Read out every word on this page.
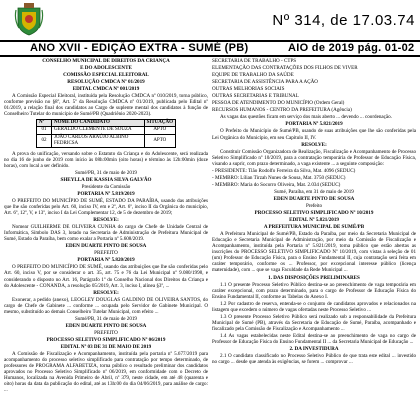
Nº 314, de 17.03.74
ANO XVII - EDIÇÃO EXTRA - SUMÉ (PB)	AIO de 2019 pág. 01-02

CONSELHO MUNICIPAL DE DIREITOS DA CRIANÇA

E DO ADOLESCENTE

COMISSÃO ESPECIAL ELEITORAL

RESOLUÇÃO CMDCA Nº 01/2019

EDITAL CMDCA Nº 001/2019

A Comissão Especial Eleitoral, instituída pela Resolução CMDCA nº 010/2019, torna público, conforme previsão no §8º, Art. 5º da Resolução CMDCA nº 01/2019, publicada pelo Edital nº 01/2019, a relação final dos candidatos ao Cargo de suplente mental dos candidatos à função de Conselheiro Tutelar do município de Sumé/PB (Quadriênio 2020-2023).

Nº	NOME DO CANDIDATO	SITUAÇÃO
01	GERALDO CLEMENTE DE SOUZA	APTO
02	JOÃO CARLOS ARAÚJO ALBINO FEDRICSA	APTO

A prova do unificação, versando sobre o Estatuto da Criança e do Adolescente, será realizada no dia 16 de junho de 2019 com início às 08h:00min (oito horas) e término às 12h:00min (doze horas), com local a ser definido.

Sumé/PB, 31 de maio de 2019

SHEYLLA DE KASSIA SILVA GALVÃO

Presidente da Comissão

PORTARIA Nº 5.819/2019

O PREFEITO DO MUNICÍPIO DE SUMÉ, ESTADO DA PARAÍBA, usando das atribuições que lhe são conferidas pelo Art. 60, inciso IV, em e 2º, Art. 6º, inciso II da Orgânica do município, Art. 6º, 12º, V, e 13º, inciso I da Lei Complementar 12, de 5 de dezembro de 2019;

RESOLVE:

Nomear GUILHERME DE OLIVEIRA CUNHA do cargo de Chefe de Unidade Central de Informática, Símbolo DAS 3, lotado na Secretaria de Administração de Prefeitura Municipal de Sumé, Estado da Paraíba, bem como exalar a Portaria nº 5.608/2019.

EDEN DUARTE PINTO DE SOUSA

PREFEITO

PORTARIA Nº 5.820/2019

O PREFEITO DO MUNICÍPIO DE SUMÉ, usando das atribuições que lhe são conferidas pelo Art. 60, inciso V, por se considerar o art. 35, art. 75 e 76 da Lei Municipal nº 9.080/1998, e considerando o disposto no Art. 16, Parágrafo 1º do Conselho Nacional dos Direitos da Criança e do Adolescente - CONANDA, a resolução 05/2019, Art. 3, inciso I, alínea §3º, ...

RESOLVE:

Exonerar, a pedido (anexo), LEOGLEY DOUGLAS GALDINO DE OLIVEIRA SANTOS, do cargo de Chefe de Gabinete ... conforme ... ocupada pelo Servidor de Gabinete Municipal. O mesmo, substituído ao demais Conselheiro Tutelar Municipal, com efeito ...

Sumé/PB, 31 de maio de 2019

EDEN DUARTE PINTO DE SOUSA

PREFEITO

PROCESSO SELETIVO SIMPLIFICADO Nº 06/2019

EDITAL Nº 03 DE 31 DE MAIO DE 2019

A Comissão de Fiscalização e Acompanhamento, instituída pela portaria nº 5.677/2019 para acompanhamento do processo seletivo simplificado para contratação por tempo determinado, de professores de PROGRAMA ALFABETIZA, torna público o resultado preliminar dos candidatos aprovados no Processo Seletivo Simplificado nº 06/2019, em conformidade com o Decreto de Humanos, localizada na Avenida Primeiro de Abril, nº 379, neste cidade, em até 48 (quarenta e oito) horas da data da publicação do edital, até as 13h:00 do dia 04/06/2019, para análise de cargo: ...

SECRETARIA DE TRABALHO - CTPS

ELEMENTAÇÃO DAS CONTRATAÇÕES DOS FILHOS DE VIVER

EQUIPE DE TRABALHO DA SAÚDE

SECRETARIA DE ASSISTÊNCIA PARA A AÇÃO

OUTRAS MELHORIAS SOCIAIS

OUTRAS SECRETARIAS E TRIBUNAL

PESSOA DE ATENDIMENTO DO MUNICÍPIO (Ordem Geral)

RECURSOS HUMANOS - CENTRO DA PREFEITURA (Agência)

As vagas das questões ficam em serviço dos mais aberto ... devendo ... coordenação.

PORTARIA Nº 5.821/2019

O Prefeito do Município de Sumé/PB, usando de suas atribuições que lhe são conferidas pela Lei Orgânica do Município, em seu Capítulo II, IV.

RESOLVE:

Constituir Comissão Organizadora de Realização, Fiscalização e Acompanhamento de Processo Seletivo Simplificado nº 10/2019, para a contratação temporária de Professor de Educação Física, visando a suprir, com prazo determinado, a vaga existente ... a seguinte composição:

- PRESIDENTE: Tião Rodolfo Ferreira da Silva, Mat. 4096 (SEDUC)

- MEMBRO: Lílian Tirzah Nunes de Sousa, Mat. 3750 (SEDUC)

- MEMBRO: Maria do Socorro Oliveira, Mat. 2.034 (SEDUC)

Sumé, Paraíba, em 31 de maio de 2019

EDEN DUARTE PINTO DE SOUSA

Prefeito

PROCESSO SELETIVO SIMPLIFICADO Nº 10/2019

EDITAL Nº 5.821/2019

A PREFEITURA MUNICIPAL DE SUMÉ/PB

A Prefeitura Municipal de Sumé/PB, Estado da Paraíba, por meio da Secretaria Municipal de Educação e Secretaria Municipal de Administração, por meio da Comissão de Fiscalização e Acompanhamento, instituída pela Portaria nº 5.821/2019, torna público que estão abertas as inscrições do PROCESSO SELETIVO SIMPLIFICADO Nº 10/2019, com vistas à seleção de 01 (um) Professor de Educação Física, para o Ensino Fundamental II, cuja contratação será feita em caráter temporário, conforme os ... Professor, por excepcional interesse público (licença maternidade), com ... que se vaga Faculdade da Rede Municipal ...

1. DAS DISPOSIÇÕES PRELIMINARES

1.1 O presente Processo Seletivo Público destina-se ao preenchimento de vaga temporária em caráter excepcional, com prazo determinado, para o cargo de Professor de Educação Física do Ensino Fundamental II, conforme as Tabelas do Anexo I.

1.2 Por cadastro de reserva, entenda-se o conjunto de candidatos aprovados e relacionados na listagem que excedem o número de vagas ofertadas neste Processo Seletivo ...

1.3 O presente Processo Seletivo Público será realizado sob a responsabilidade da Prefeitura Municipal de Sumé (PB), através da Secretaria de Educação de Sumé, Paraíba, acompanhado e fiscalizado pela Comissão de Fiscalização e Acompanhamento ...

1.4 As vagas estabelecidas neste Edital destina-se ao preenchimento de vaga no cargo de Professor de Educação Física do Ensino Fundamental II ... da Secretaria Municipal de Educação ...

2. DA INVESTIDURA

2.1 O candidato classificado no Processo Seletivo Público de que trata este edital ... investido no cargo ... desde que atenda às exigências, se forem ... comprovar ...
